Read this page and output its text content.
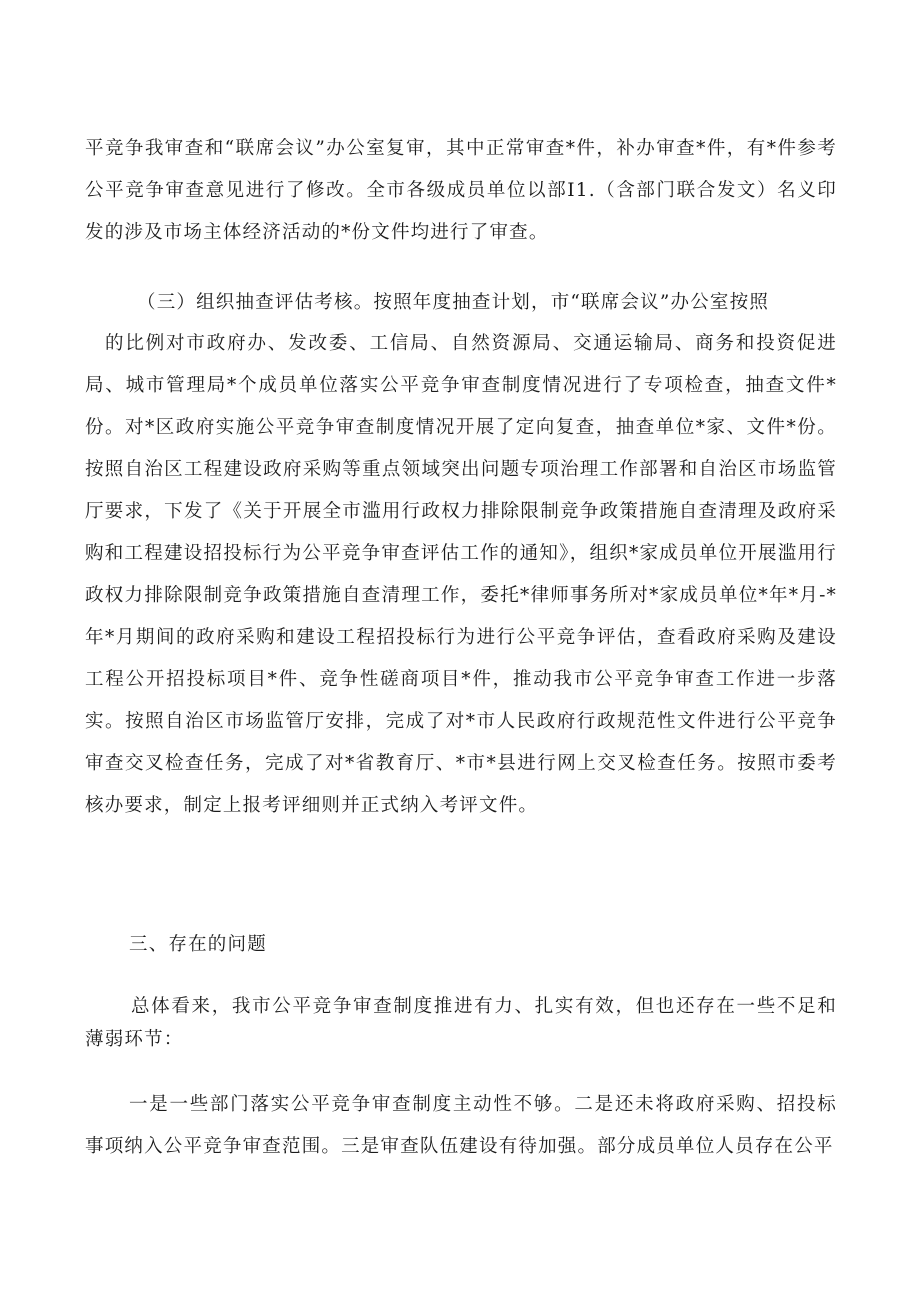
平竞争我审查和“联席会议”办公室复审，其中正常审查*件，补办审查*件，有*件参考公平竞争审查意见进行了修改。全市各级成员单位以部I1.（含部门联合发文）名义印发的涉及市场主体经济活动的*份文件均进行了审查。

（三）组织抽查评估考核。按照年度抽查计划，市“联席会议”办公室按照

的比例对市政府办、发改委、工信局、自然资源局、交通运输局、商务和投资促进局、城市管理局*个成员单位落实公平竞争审查制度情况进行了专项检查，抽查文件*份。对*区政府实施公平竞争审查制度情况开展了定向复查，抽查单位*家、文件*份。按照自治区工程建设政府采购等重点领域突出问题专项治理工作部署和自治区市场监管厅要求，下发了《关于开展全市滥用行政权力排除限制竞争政策措施自查清理及政府采购和工程建设招投标行为公平竞争审查评估工作的通知》，组织*家成员单位开展滥用行政权力排除限制竞争政策措施自查清理工作，委托*律师事务所对*家成员单位*年*月-*年*月期间的政府采购和建设工程招投标行为进行公平竞争评估，查看政府采购及建设工程公开招投标项目*件、竞争性磋商项目*件，推动我市公平竞争审查工作进一步落实。按照自治区市场监管厅安排，完成了对*市人民政府行政规范性文件进行公平竞争审查交叉检查任务，完成了对*省教育厅、*市*县进行网上交叉检查任务。按照市委考核办要求，制定上报考评细则并正式纳入考评文件。

三、存在的问题

总体看来，我市公平竞争审查制度推进有力、扎实有效，但也还存在一些不足和薄弱环节：

一是一些部门落实公平竞争审查制度主动性不够。二是还未将政府采购、招投标事项纳入公平竞争审查范围。三是审查队伍建设有待加强。部分成员单位人员存在公平
